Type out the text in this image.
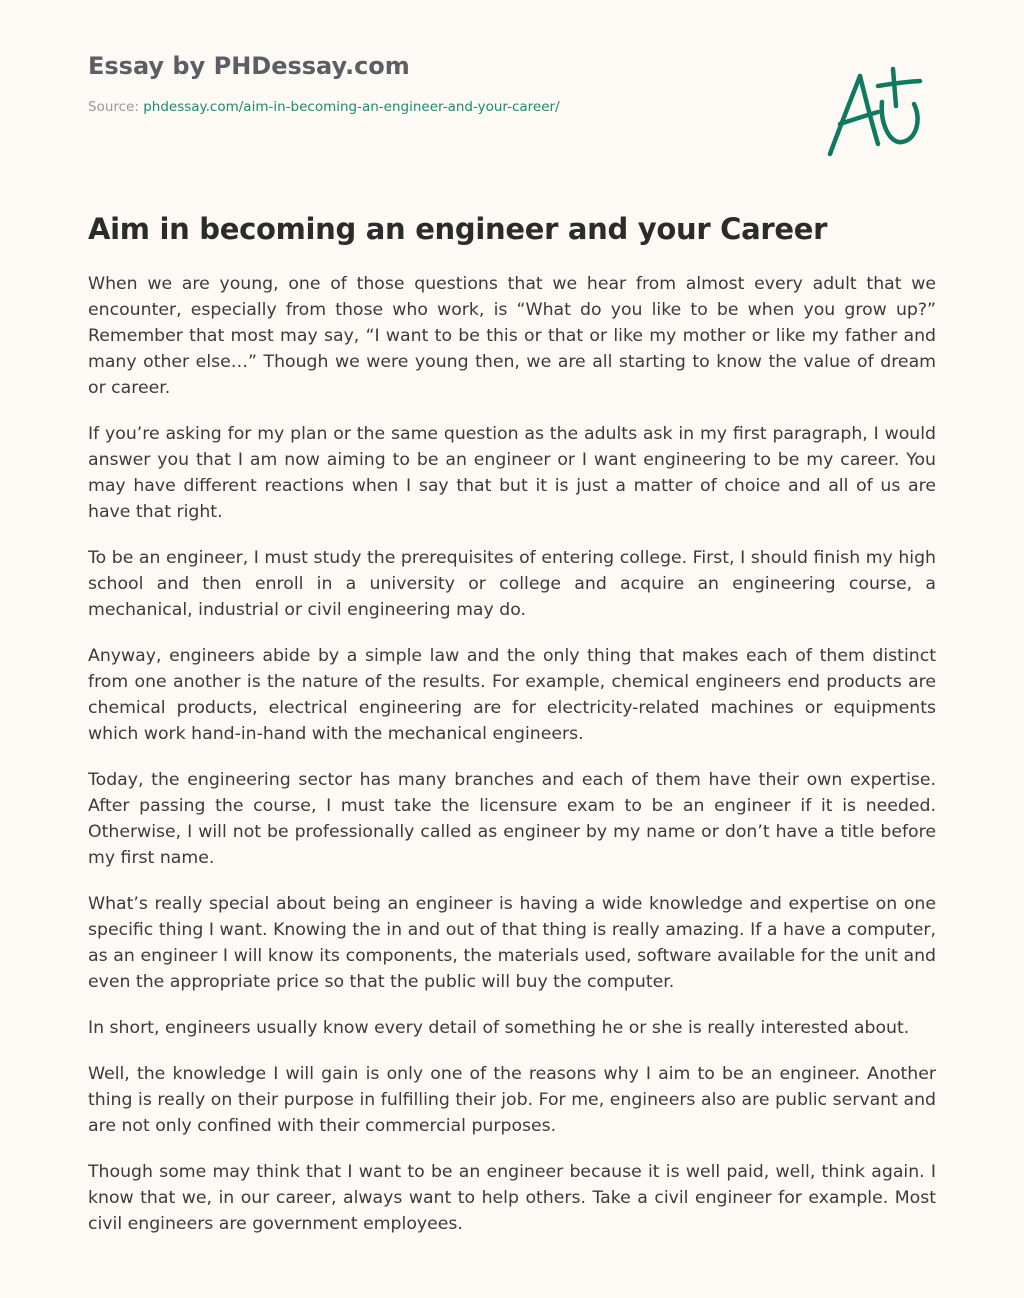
Essay by PHDessay.com
Source: phdessay.com/aim-in-becoming-an-engineer-and-your-career/
Aim in becoming an engineer and your Career

When we are young, one of those questions that we hear from almost every adult that we encounter, especially from those who work, is “What do you like to be when you grow up?” Remember that most may say, “I want to be this or that or like my mother or like my father and many other else…” Though we were young then, we are all starting to know the value of dream or career.

If you’re asking for my plan or the same question as the adults ask in my first paragraph, I would answer you that I am now aiming to be an engineer or I want engineering to be my career. You may have different reactions when I say that but it is just a matter of choice and all of us are have that right.

To be an engineer, I must study the prerequisites of entering college. First, I should finish my high school and then enroll in a university or college and acquire an engineering course, a mechanical, industrial or civil engineering may do.

Anyway, engineers abide by a simple law and the only thing that makes each of them distinct from one another is the nature of the results. For example, chemical engineers end products are chemical products, electrical engineering are for electricity-related machines or equipments which work hand-in-hand with the mechanical engineers.

Today, the engineering sector has many branches and each of them have their own expertise. After passing the course, I must take the licensure exam to be an engineer if it is needed. Otherwise, I will not be professionally called as engineer by my name or don’t have a title before my first name.

What’s really special about being an engineer is having a wide knowledge and expertise on one specific thing I want. Knowing the in and out of that thing is really amazing. If a have a computer, as an engineer I will know its components, the materials used, software available for the unit and even the appropriate price so that the public will buy the computer.

In short, engineers usually know every detail of something he or she is really interested about.

Well, the knowledge I will gain is only one of the reasons why I aim to be an engineer. Another thing is really on their purpose in fulfilling their job. For me, engineers also are public servant and are not only confined with their commercial purposes.

Though some may think that I want to be an engineer because it is well paid, well, think again. I know that we, in our career, always want to help others. Take a civil engineer for example. Most civil engineers are government employees.
